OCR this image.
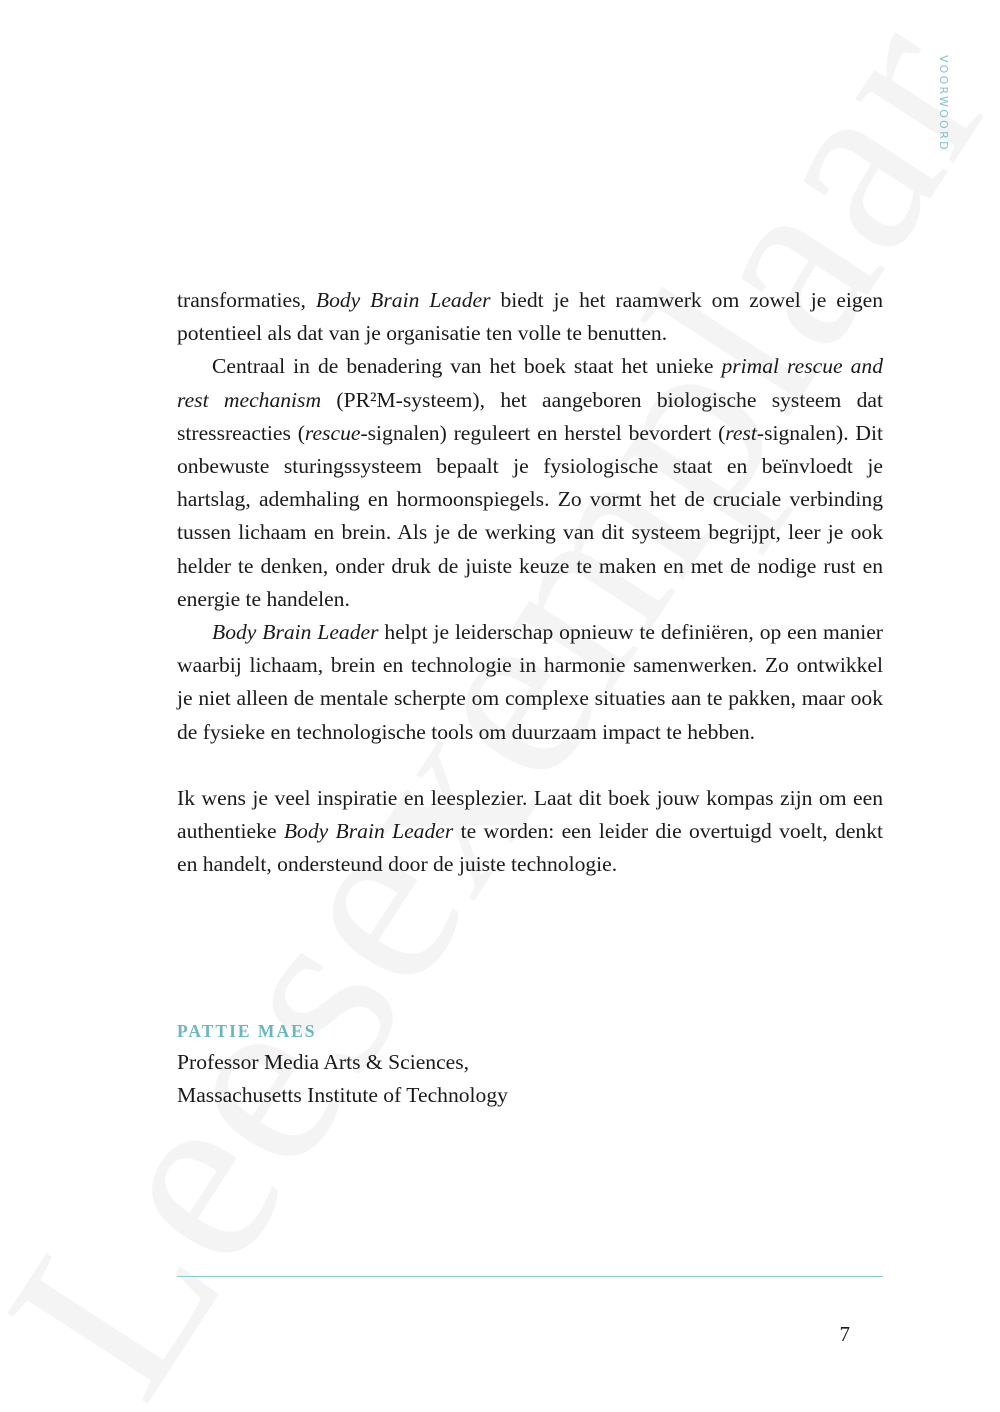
VOORWOORD

transformaties, Body Brain Leader biedt je het raamwerk om zowel je eigen potentieel als dat van je organisatie ten volle te benutten.

Centraal in de benadering van het boek staat het unieke primal rescue and rest mechanism (PR²M-systeem), het aangeboren biologische systeem dat stressreacties (rescue-signalen) reguleert en herstel bevordert (rest-signalen). Dit onbewuste sturingssysteem bepaalt je fysiologische staat en beïnvloedt je hartslag, ademhaling en hormoonspiegels. Zo vormt het de cruciale verbinding tussen lichaam en brein. Als je de werking van dit systeem begrijpt, leer je ook helder te denken, onder druk de juiste keuze te maken en met de nodige rust en energie te handelen.

Body Brain Leader helpt je leiderschap opnieuw te definiëren, op een manier waarbij lichaam, brein en technologie in harmonie samenwerken. Zo ontwikkel je niet alleen de mentale scherpte om complexe situaties aan te pakken, maar ook de fysieke en technologische tools om duurzaam impact te hebben.

Ik wens je veel inspiratie en leesplezier. Laat dit boek jouw kompas zijn om een authentieke Body Brain Leader te worden: een leider die overtuigd voelt, denkt en handelt, ondersteund door de juiste technologie.

PATTIE MAES
Professor Media Arts & Sciences,
Massachusetts Institute of Technology
7
